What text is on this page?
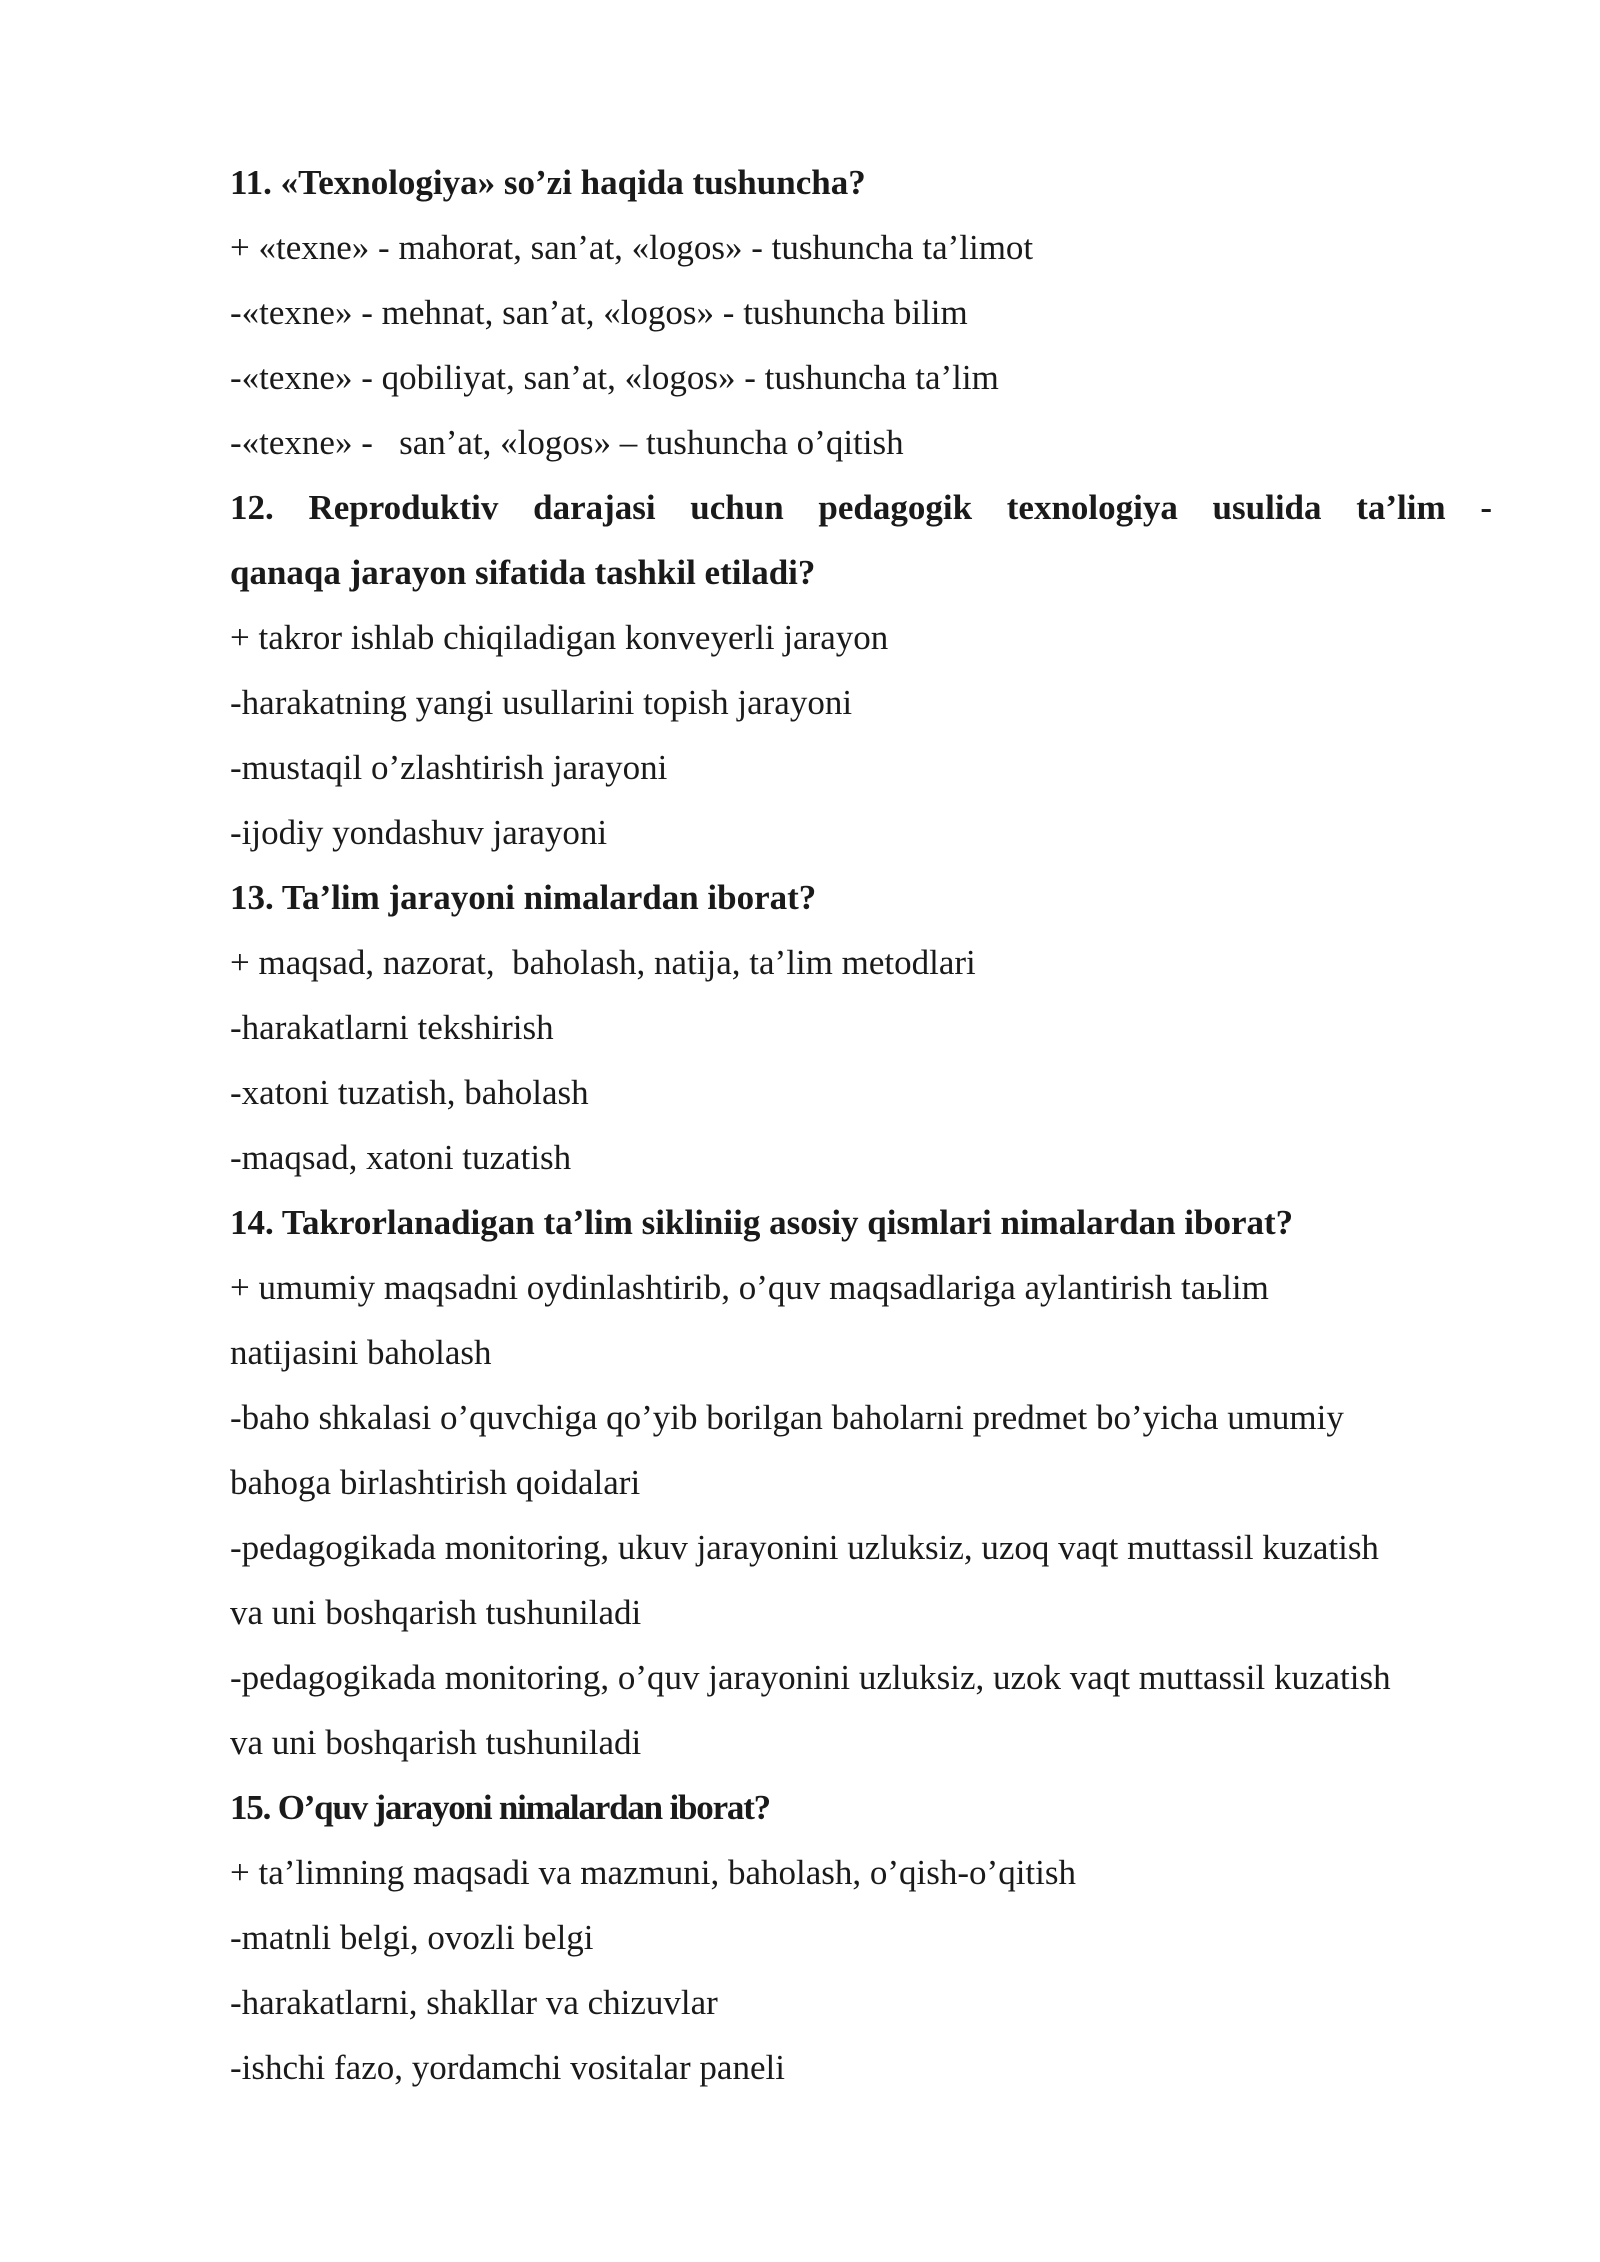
11. «Texnologiya» so’zi haqida tushuncha?
+ «texne» - mahorat, san’at, «logos» - tushuncha ta’limot
-«texne» - mehnat, san’at, «logos» - tushuncha bilim
-«texne» - qobiliyat, san’at, «logos» - tushuncha ta’lim
-«texne» -   san’at, «logos» – tushuncha o’qitish
12. Reproduktiv darajasi uchun pedagogik texnologiya usulida ta’lim -
qanaqa jarayon sifatida tashkil etiladi?
+ takror ishlab chiqiladigan konveyerli jarayon
-harakatning yangi usullarini topish jarayoni
-mustaqil o’zlashtirish jarayoni
-ijodiy yondashuv jarayoni
13. Ta’lim jarayoni nimalardan iborat?
+ maqsad, nazorat,  baholash, natija, ta’lim metodlari
-harakatlarni tekshirish
-xatoni tuzatish, baholash
-maqsad, xatoni tuzatish
14. Takrorlanadigan ta’lim sikliniig asosiy qismlari nimalardan iborat?
+ umumiy maqsadni oydinlashtirib, o’quv maqsadlariga aylantirish taьlim
natijasini baholash
-baho shkalasi o’quvchiga qo’yib borilgan baholarni predmet bo’yicha umumiy
bahoga birlashtirish qoidalari
-pedagogikada monitoring, ukuv jarayonini uzluksiz, uzoq vaqt muttassil kuzatish
va uni boshqarish tushuniladi
-pedagogikada monitoring, o’quv jarayonini uzluksiz, uzok vaqt muttassil kuzatish
va uni boshqarish tushuniladi
15. O’quv jarayoni nimalardan iborat?
+ ta’limning maqsadi va mazmuni, baholash, o’qish-o’qitish
-matnli belgi, ovozli belgi
-harakatlarni, shakllar va chizuvlar
-ishchi fazo, yordamchi vositalar paneli
